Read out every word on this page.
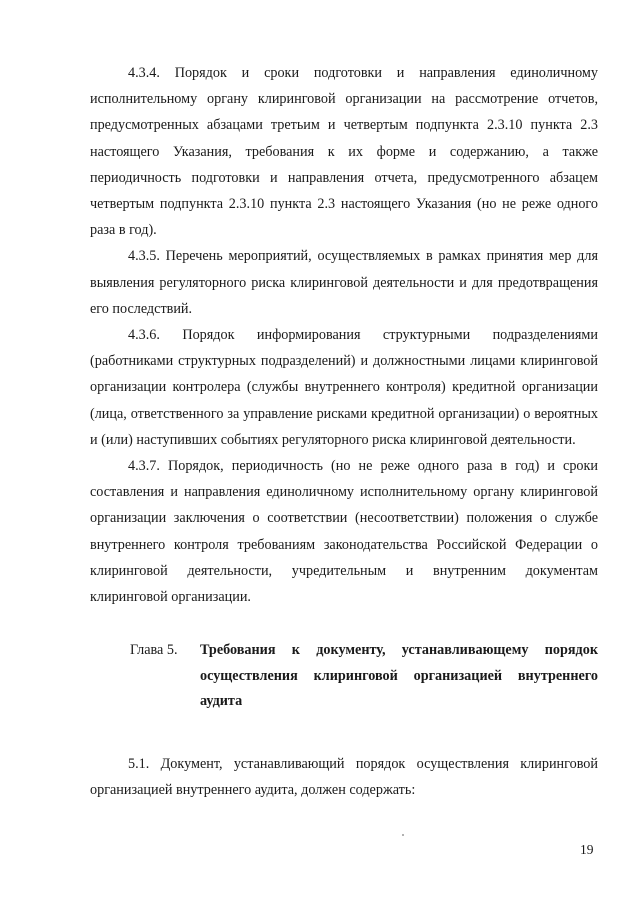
4.3.4. Порядок и сроки подготовки и направления единоличному исполнительному органу клиринговой организации на рассмотрение отчетов, предусмотренных абзацами третьим и четвертым подпункта 2.3.10 пункта 2.3 настоящего Указания, требования к их форме и содержанию, а также периодичность подготовки и направления отчета, предусмотренного абзацем четвертым подпункта 2.3.10 пункта 2.3 настоящего Указания (но не реже одного раза в год).

4.3.5. Перечень мероприятий, осуществляемых в рамках принятия мер для выявления регуляторного риска клиринговой деятельности и для предотвращения его последствий.

4.3.6. Порядок информирования структурными подразделениями (работниками структурных подразделений) и должностными лицами клиринговой организации контролера (службы внутреннего контроля) кредитной организации (лица, ответственного за управление рисками кредитной организации) о вероятных и (или) наступивших событиях регуляторного риска клиринговой деятельности.

4.3.7. Порядок, периодичность (но не реже одного раза в год) и сроки составления и направления единоличному исполнительному органу клиринговой организации заключения о соответствии (несоответствии) положения о службе внутреннего контроля требованиям законодательства Российской Федерации о клиринговой деятельности, учредительным и внутренним документам клиринговой организации.

Глава 5. Требования к документу, устанавливающему порядок осуществления клиринговой организацией внутреннего аудита

5.1. Документ, устанавливающий порядок осуществления клиринговой организацией внутреннего аудита, должен содержать:

19
